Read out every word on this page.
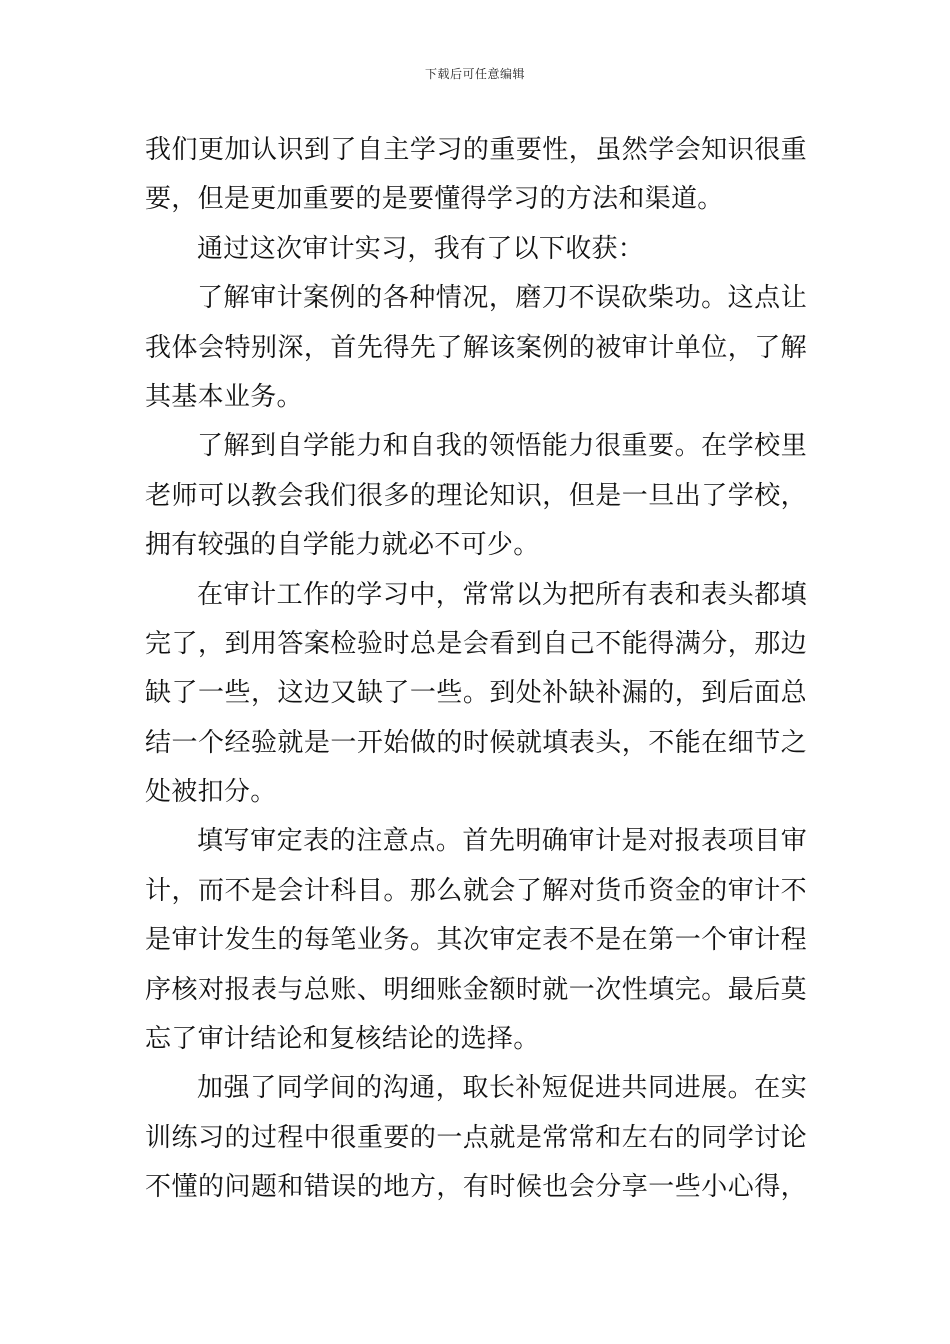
下载后可任意编辑
我们更加认识到了自主学习的重要性，虽然学会知识很重
要，但是更加重要的是要懂得学习的方法和渠道。
通过这次审计实习，我有了以下收获：
了解审计案例的各种情况，磨刀不误砍柴功。这点让
我体会特别深，首先得先了解该案例的被审计单位，了解
其基本业务。
了解到自学能力和自我的领悟能力很重要。在学校里
老师可以教会我们很多的理论知识，但是一旦出了学校，
拥有较强的自学能力就必不可少。
在审计工作的学习中，常常以为把所有表和表头都填
完了，到用答案检验时总是会看到自己不能得满分，那边
缺了一些，这边又缺了一些。到处补缺补漏的，到后面总
结一个经验就是一开始做的时候就填表头，不能在细节之
处被扣分。
填写审定表的注意点。首先明确审计是对报表项目审
计，而不是会计科目。那么就会了解对货币资金的审计不
是审计发生的每笔业务。其次审定表不是在第一个审计程
序核对报表与总账、明细账金额时就一次性填完。最后莫
忘了审计结论和复核结论的选择。
加强了同学间的沟通，取长补短促进共同进展。在实
训练习的过程中很重要的一点就是常常和左右的同学讨论
不懂的问题和错误的地方，有时候也会分享一些小心得，
